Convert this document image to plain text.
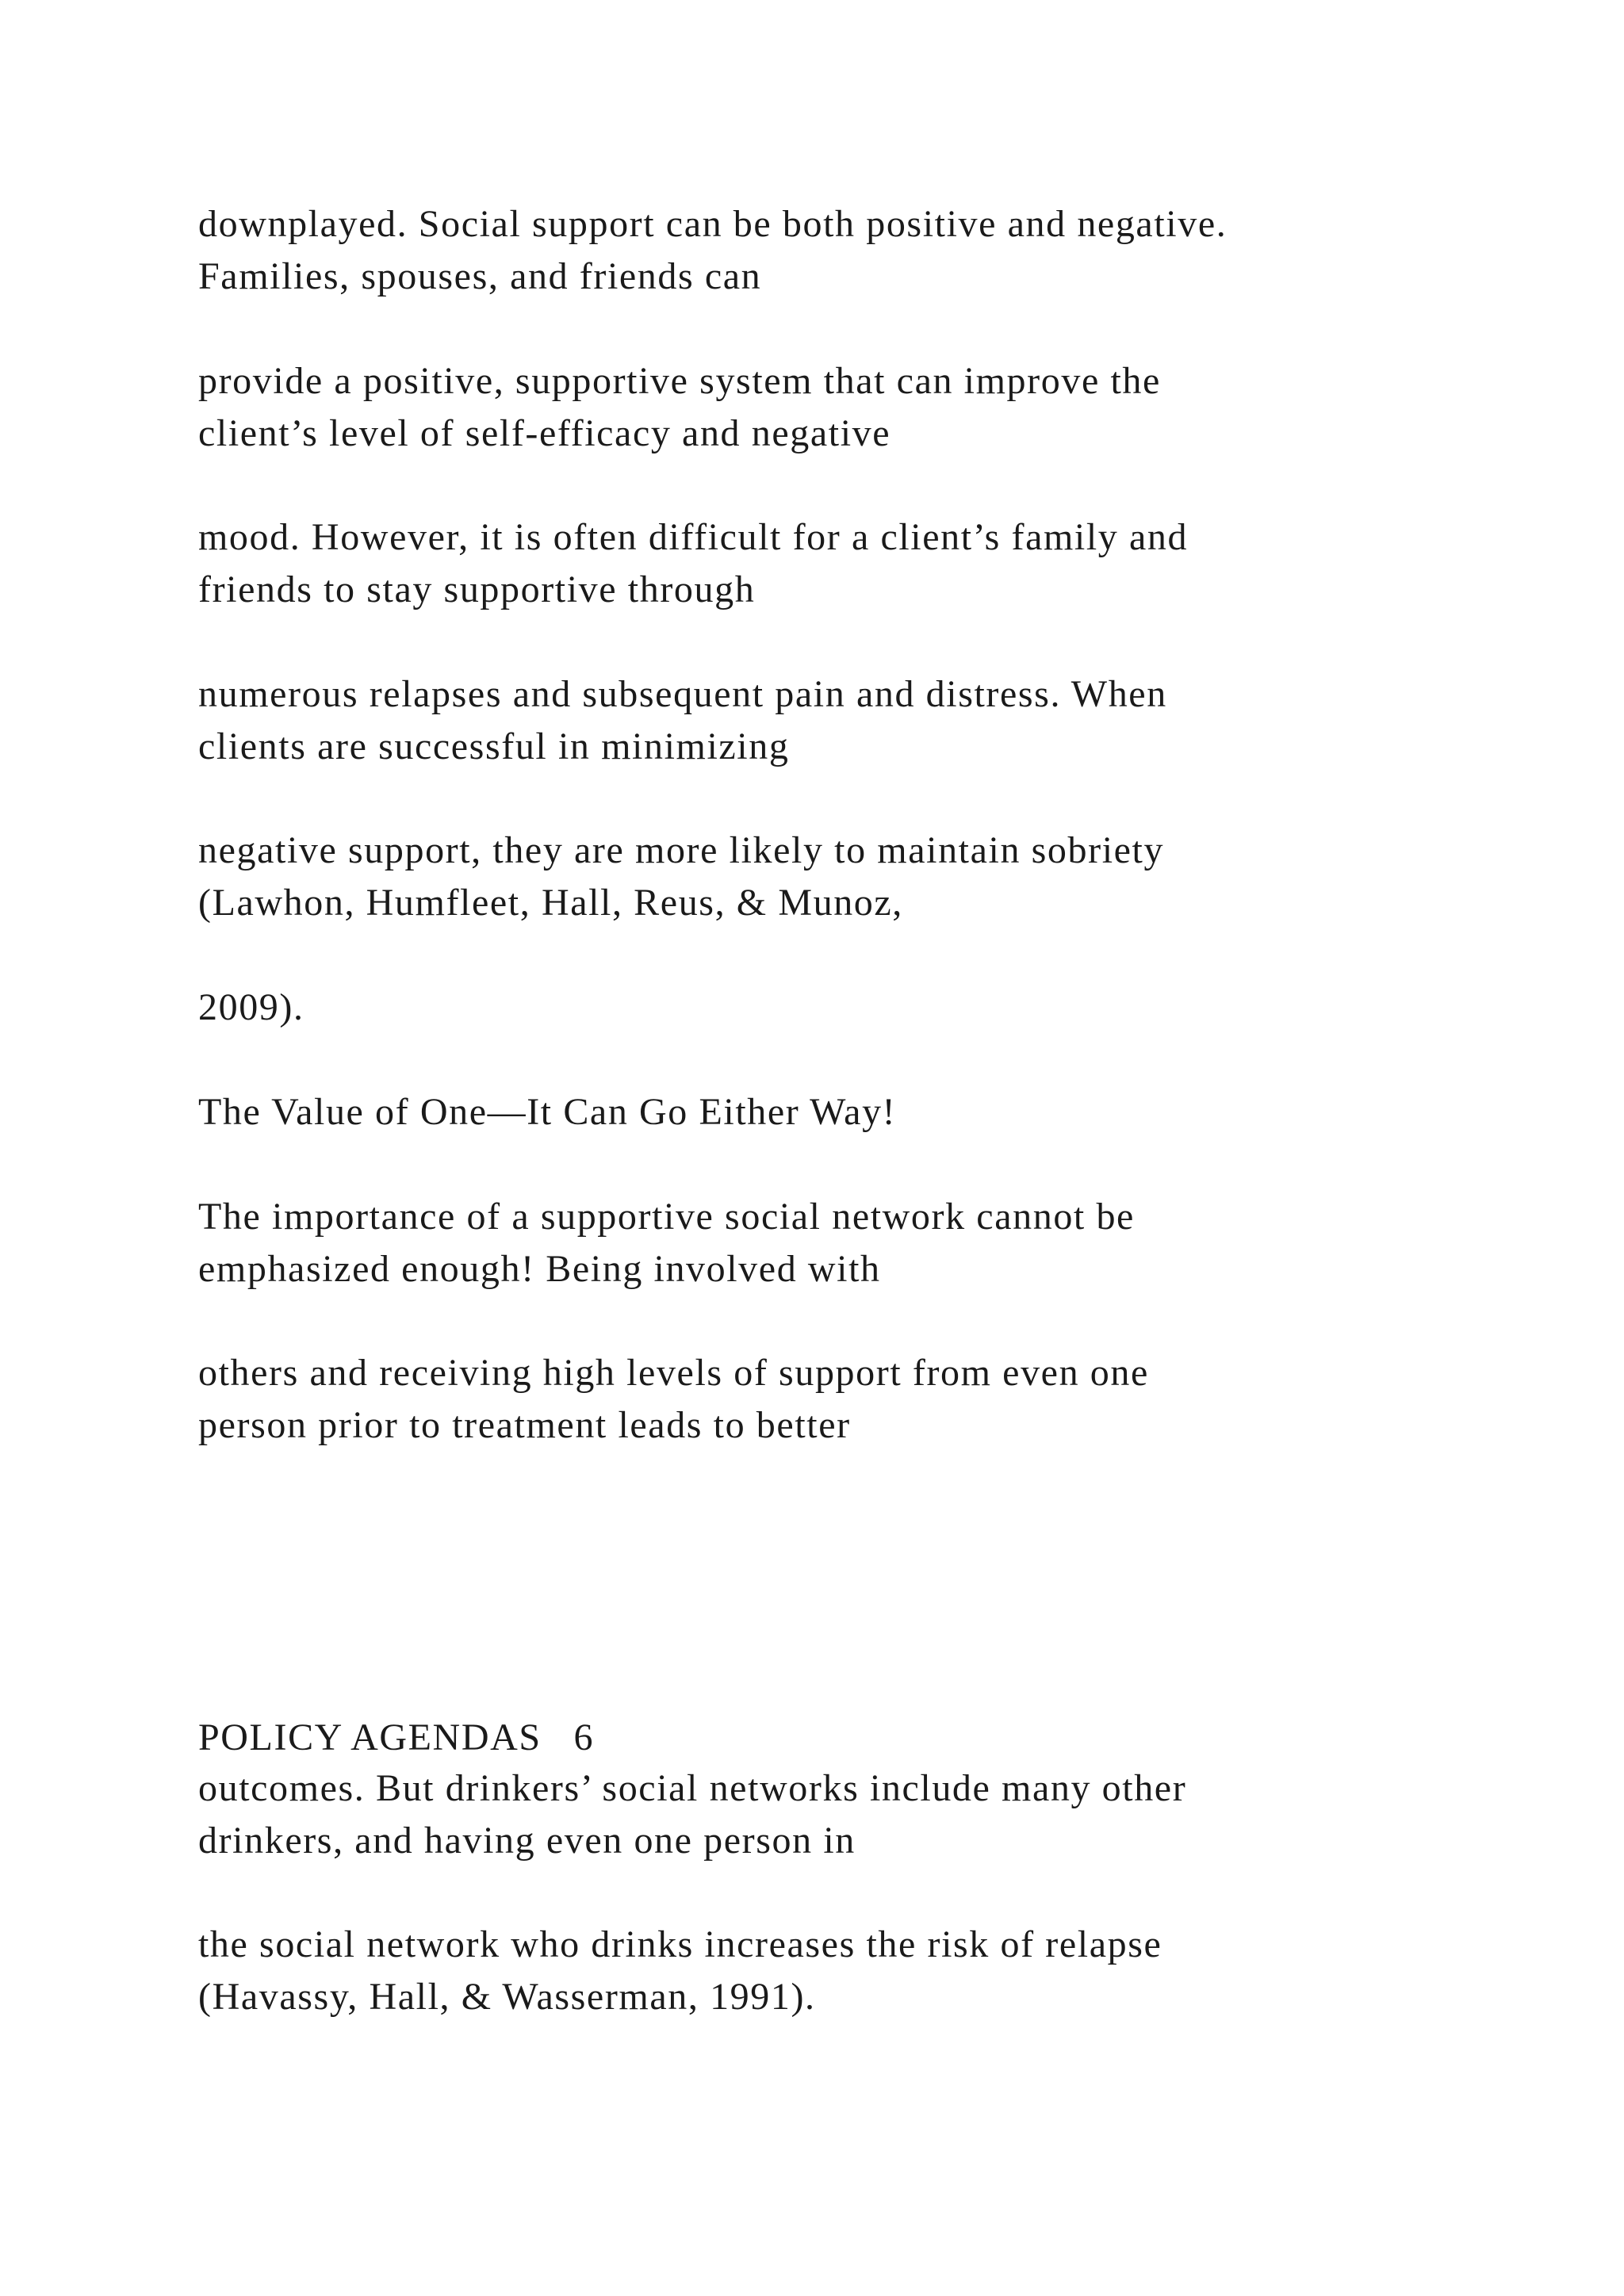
downplayed. Social support can be both positive and negative.
Families, spouses, and friends can

provide a positive, supportive system that can improve the
client’s level of self-efficacy and negative

mood. However, it is often difficult for a client’s family and
friends to stay supportive through

numerous relapses and subsequent pain and distress. When
clients are successful in minimizing

negative support, they are more likely to maintain sobriety
(Lawhon, Humfleet, Hall, Reus, & Munoz,

2009).

The Value of One—It Can Go Either Way!

The importance of a supportive social network cannot be
emphasized enough! Being involved with

others and receiving high levels of support from even one
person prior to treatment leads to better

POLICY AGENDAS   6

outcomes. But drinkers’ social networks include many other
drinkers, and having even one person in

the social network who drinks increases the risk of relapse
(Havassy, Hall, & Wasserman, 1991).
